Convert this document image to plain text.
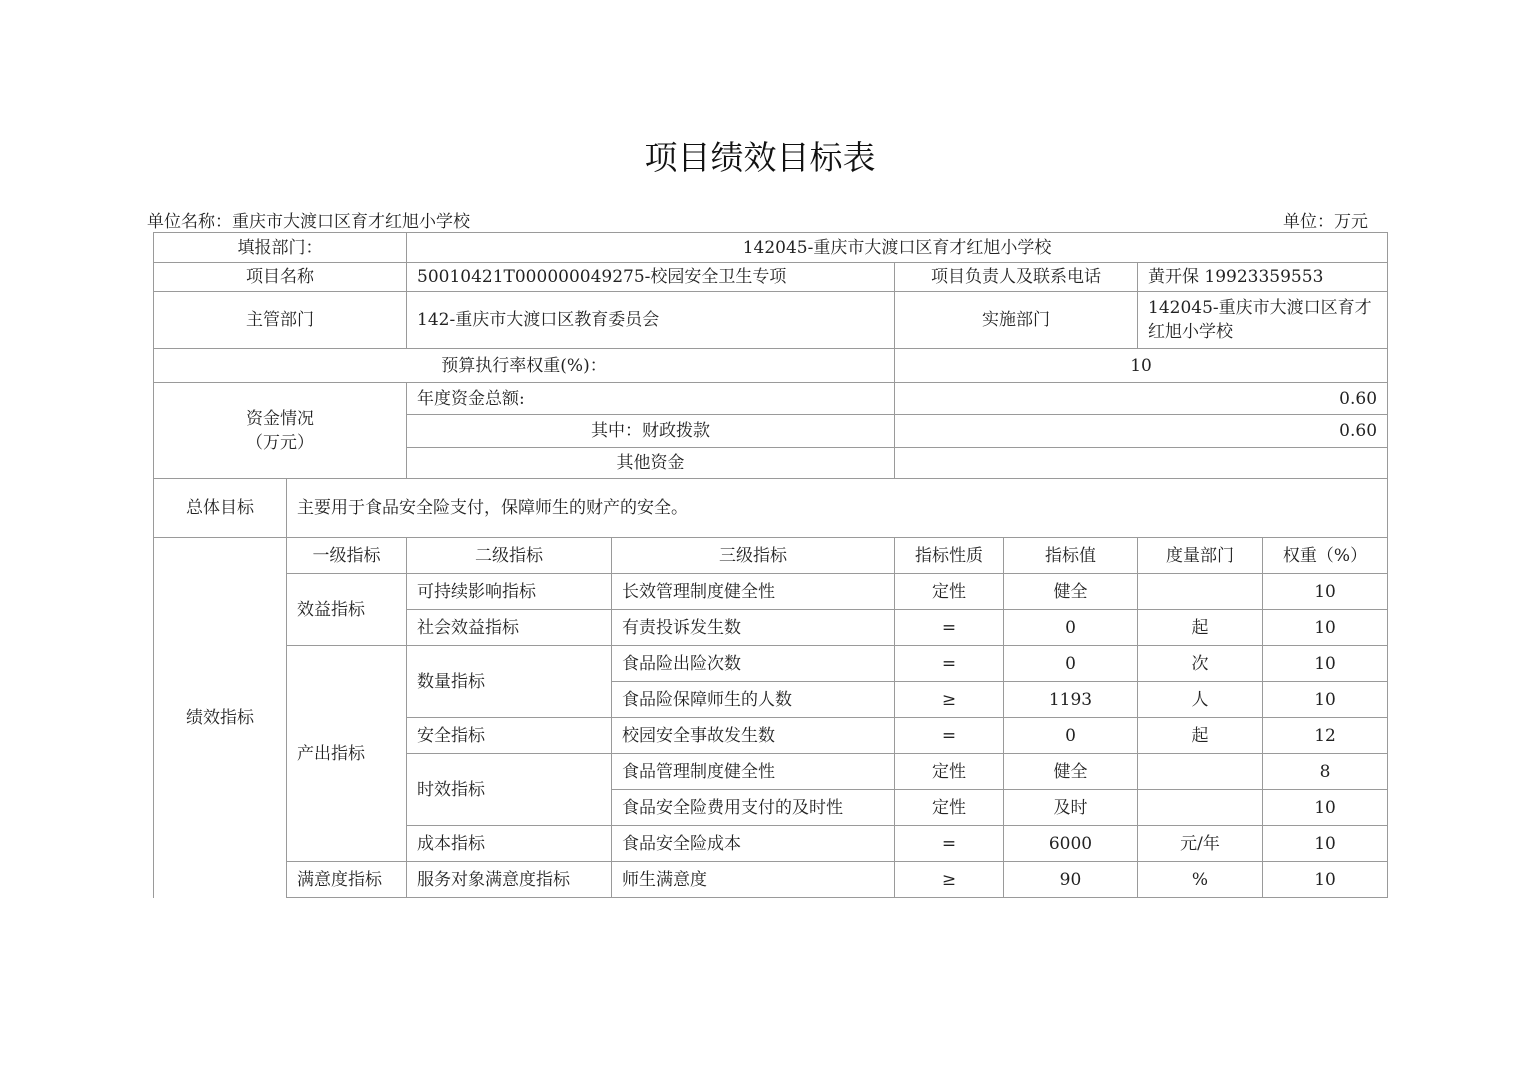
项目绩效目标表
单位名称：重庆市大渡口区育才红旭小学校	单位：万元
填报部门：		142045-重庆市大渡口区育才红旭小学校					
项目名称		50010421T000000049275-校园安全卫生专项		项目负责人及联系电话		黄开保 19923359553	
主管部门		142-重庆市大渡口区教育委员会		实施部门		142045-重庆市大渡口区育才红旭小学校	
预算执行率权重(%)：				10			

资金情况
（万元）		年度资金总额:		0.60			
		其中：财政拨款		0.60			
		其他资金					
总体目标	主要用于食品安全险支付，保障师生的财产的安全。						
绩效指标	一级指标	二级指标	三级指标	指标性质	指标值	度量部门	权重（%）
	效益指标	可持续影响指标	长效管理制度健全性	定性	健全		10
		社会效益指标	有责投诉发生数	=	0	起	10
	产出指标	数量指标	食品险出险次数	=	0	次	10
			食品险保障师生的人数	≥	1193	人	10
		安全指标	校园安全事故发生数	=	0	起	12
		时效指标	食品管理制度健全性	定性	健全		8
			食品安全险费用支付的及时性	定性	及时		10
		成本指标	食品安全险成本	=	6000	元/年	10
	满意度指标	服务对象满意度指标	师生满意度	≥	90	%	10
